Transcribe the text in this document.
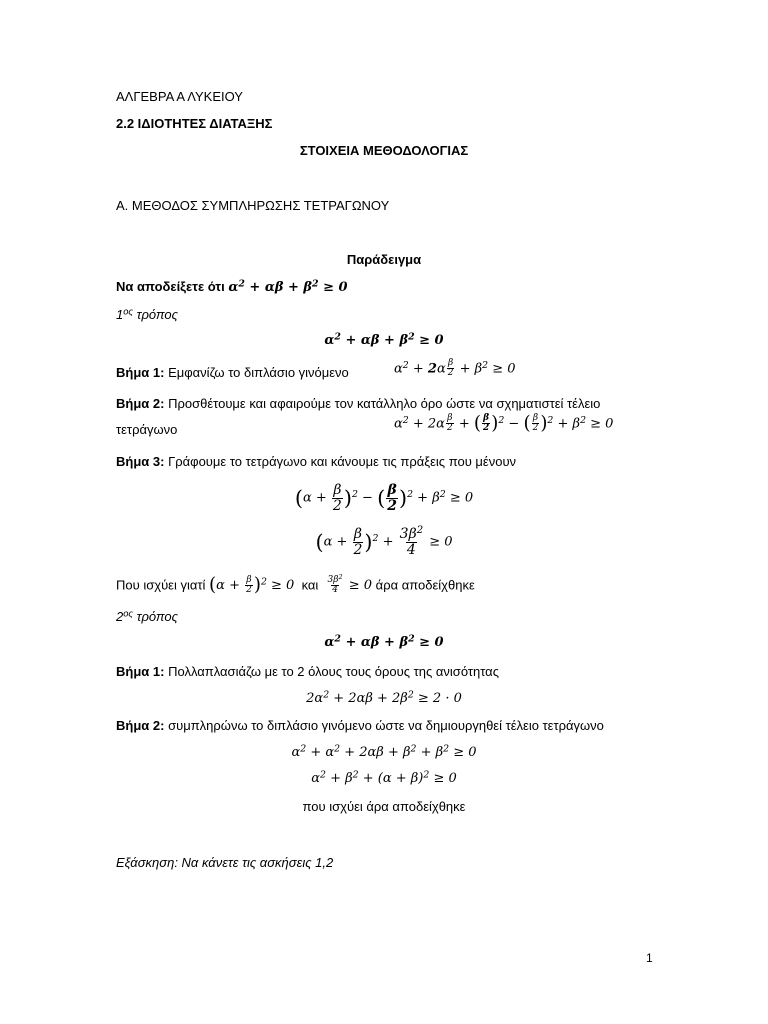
ΑΛΓΕΒΡΑ Α ΛΥΚΕΙΟΥ
2.2 ΙΔΙΟΤΗΤΕΣ ΔΙΑΤΑΞΗΣ
ΣΤΟΙΧΕΙΑ ΜΕΘΟΔΟΛΟΓΙΑΣ
Α. ΜΕΘΟΔΟΣ ΣΥΜΠΛΗΡΩΣΗΣ ΤΕΤΡΑΓΩΝΟΥ
Παράδειγμα
Να αποδείξετε ότι $\alpha^2 + \alpha\beta + \beta^2 \ge 0$
$1^{o\varsigma}$ τρόπος
$\alpha^2 + \alpha\beta + \beta^2 \ge 0$
Βήμα 1: Εμφανίζω το διπλάσιο γινόμενο	$\alpha^2 + 2\alpha \frac{\beta}{2} + \beta^2 \ge 0$
Βήμα 2: Προσθέτουμε και αφαιρούμε τον κατάλληλο όρο ώστε να σχηματιστεί τέλειο
τετράγωνο	$\alpha^2 + 2\alpha \frac{\beta}{2}$ + ( $\frac{\beta}{2} )^2$ − ( $\frac{\beta}{2} )^2 + \beta^2 \ge 0$
Βήμα 3: Γράφουμε το τετράγωνο και κάνουμε τις πράξεις που μένουν
$(\alpha + \frac{\beta}{2} )^2$ − ( $\frac{\beta}{2} )^2 + \beta^2 \ge 0$
$(\alpha + \frac{\beta}{2} )^2 + \frac{3\beta^2}{4} \ge 0$
Που ισχύει γιατί $(\alpha + \frac{\beta}{2} )^2 \ge 0$ και $\frac{3\beta^2}{4} \ge 0$ άρα αποδείχθηκε
$2^{o\varsigma}$ τρόπος
$\alpha^2 + \alpha\beta + \beta^2 \ge 0$
Βήμα 1: Πολλαπλασιάζω με το 2 όλους τους όρους της ανισότητας
$2\alpha^2 + 2\alpha\beta + 2\beta^2 \ge 2 \cdot 0$
Βήμα 2: συμπληρώνω το διπλάσιο γινόμενο ώστε να δημιουργηθεί τέλειο τετράγωνο
$\alpha^2 + \alpha^2 + 2\alpha\beta + \beta^2 + \beta^2 \ge 0$
$\alpha^2 + \beta^2 + (\alpha + \beta)^2 \ge 0$
που ισχύει άρα αποδείχθηκε
Εξάσκηση: Να κάνετε τις ασκήσεις 1,2
1
